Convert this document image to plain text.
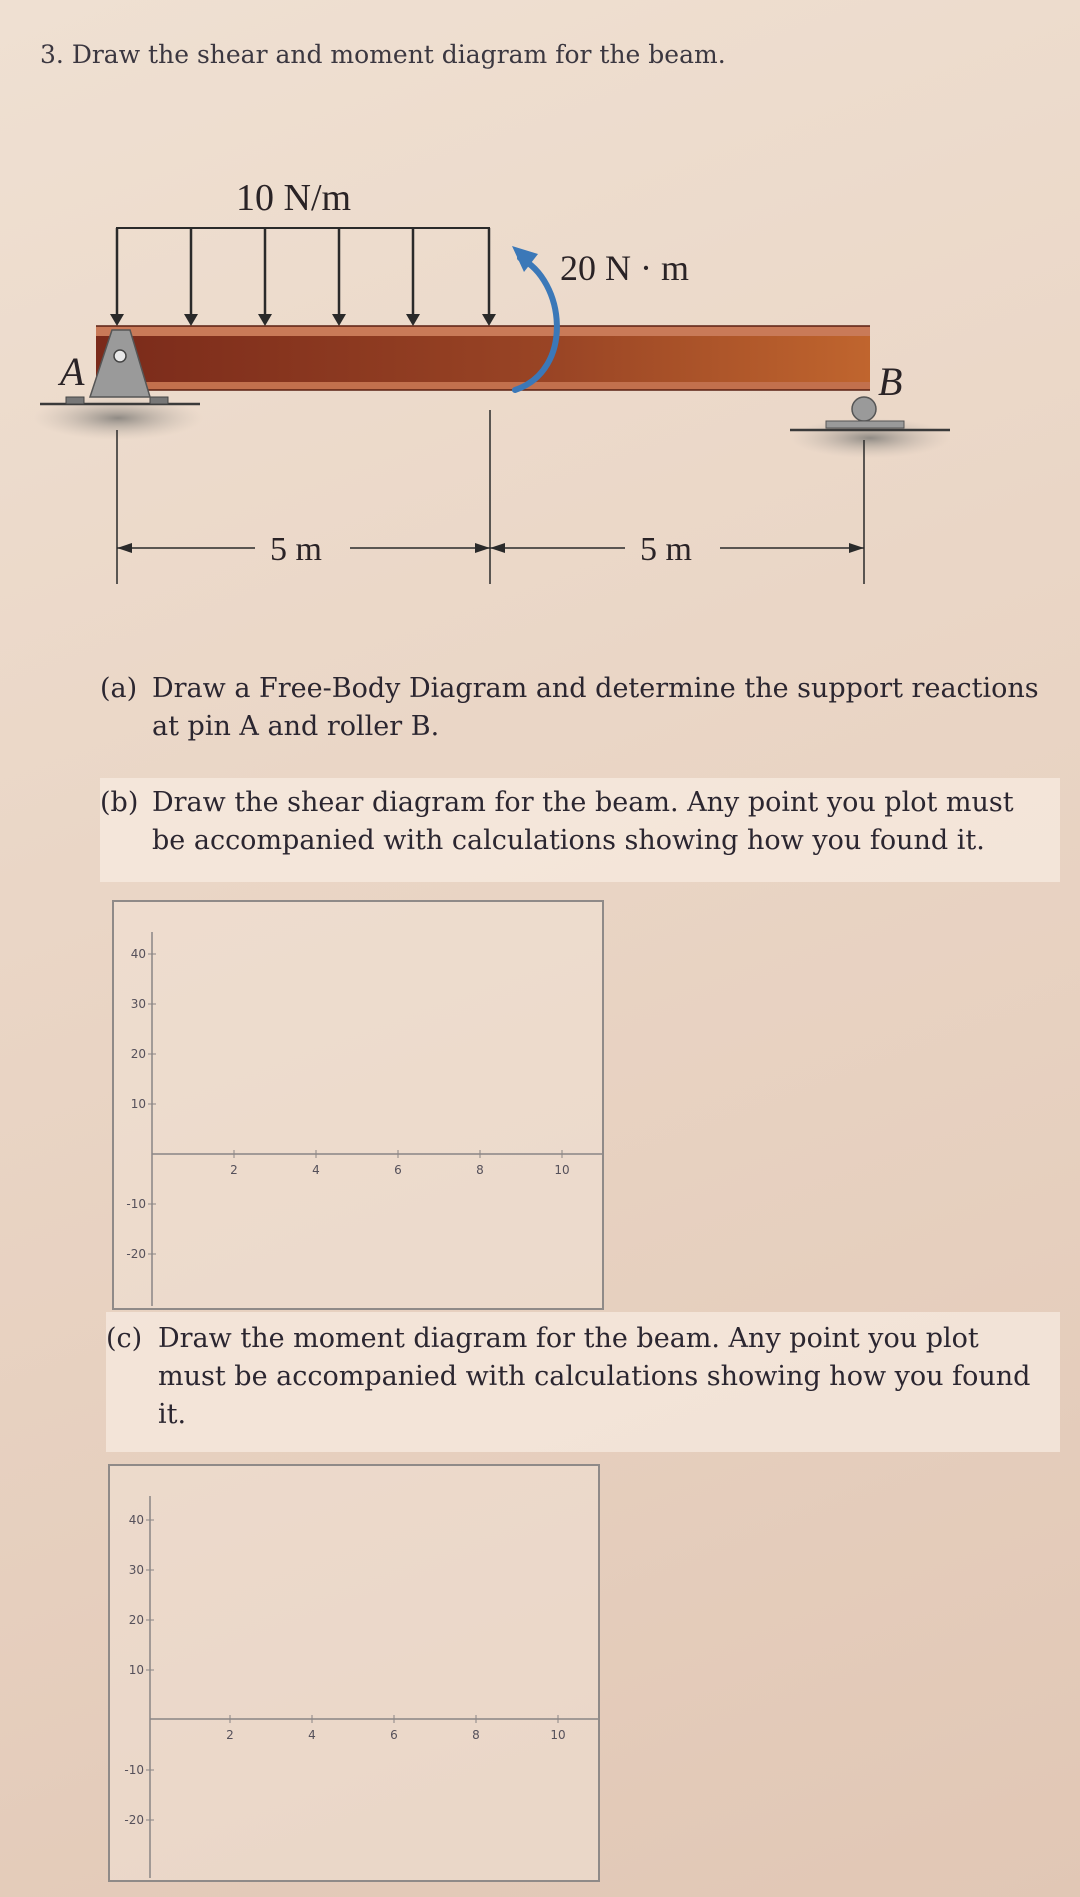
3. Draw the shear and moment diagram for the beam.
10 N/m
20 N · m
A	B
5 m	5 m
(a) Draw a Free-Body Diagram and determine the support reactions
at pin A and roller B.
(b) Draw the shear diagram for the beam. Any point you plot must
be accompanied with calculations showing how you found it.
40
30
20
10
-10
-20
2	4	6	8	10
(c) Draw the moment diagram for the beam. Any point you plot
must be accompanied with calculations showing how you found
it.
40
30
20
10
-10
-20
2	4	6	8	10
